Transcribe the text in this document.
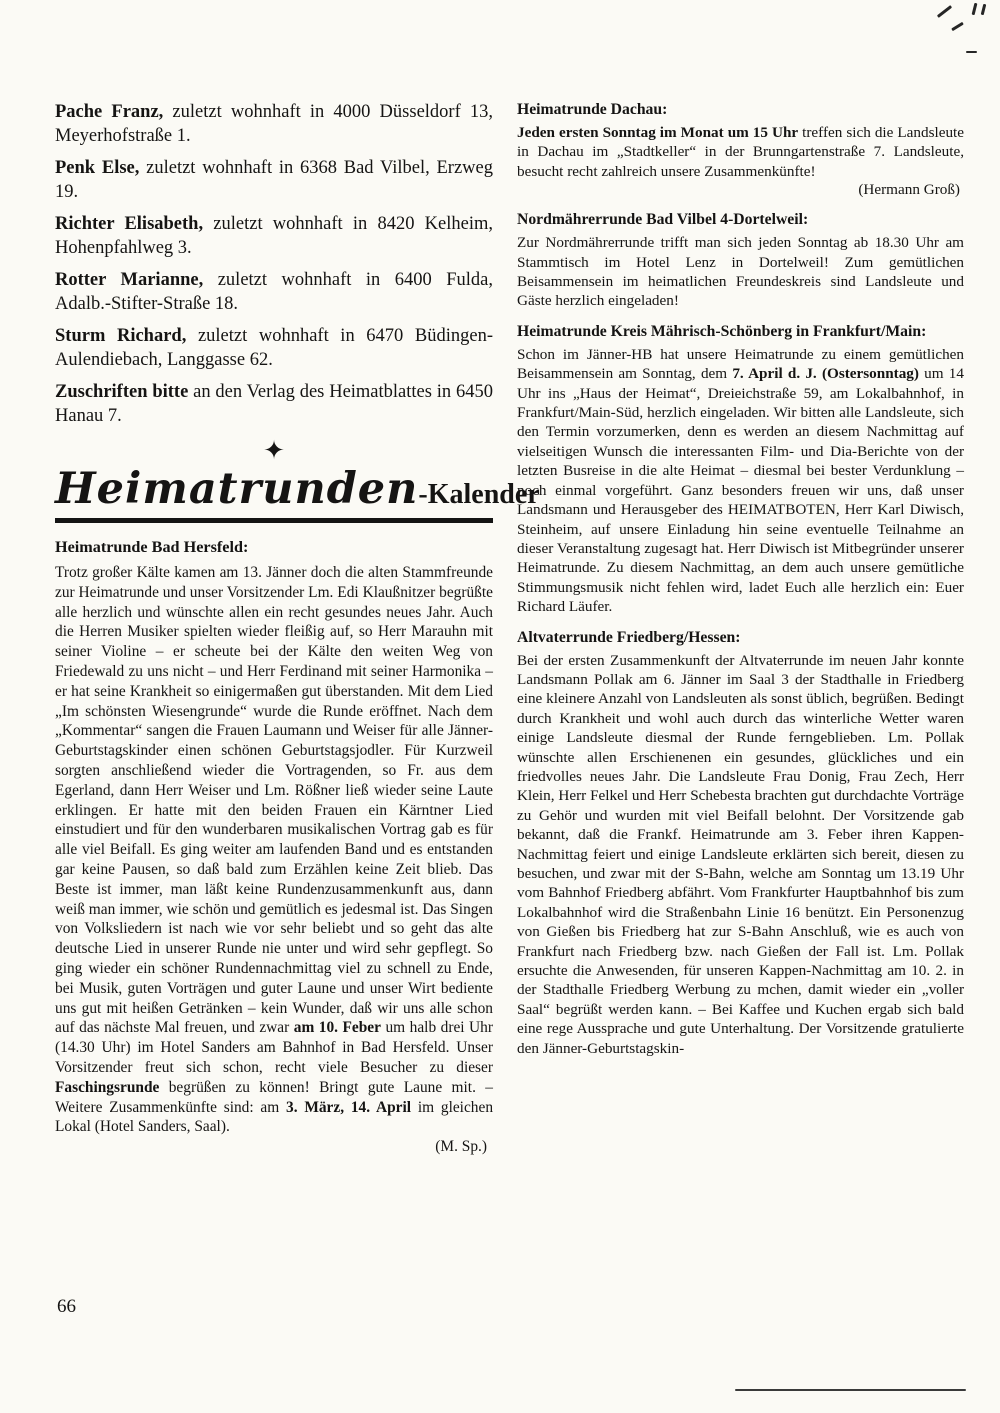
Pache Franz, zuletzt wohnhaft in 4000 Düsseldorf 13, Meyerhofstraße 1.

Penk Else, zuletzt wohnhaft in 6368 Bad Vilbel, Erzweg 19.

Richter Elisabeth, zuletzt wohnhaft in 8420 Kelheim, Hohenpfahlweg 3.

Rotter Marianne, zuletzt wohnhaft in 6400 Fulda, Adalb.-Stifter-Straße 18.

Sturm Richard, zuletzt wohnhaft in 6470 Büdingen-Aulendiebach, Langgasse 62.

Zuschriften bitte an den Verlag des Heimatblattes in 6450 Hanau 7.

✦
Heimatrunden-Kalender
Heimatrunde Bad Hersfeld:

Trotz großer Kälte kamen am 13. Jänner doch die alten Stammfreunde zur Heimatrunde und unser Vorsitzender Lm. Edi Klaußnitzer begrüßte alle herzlich und wünschte allen ein recht gesundes neues Jahr. Auch die Herren Musiker spielten wieder fleißig auf, so Herr Marauhn mit seiner Violine – er scheute bei der Kälte den weiten Weg von Friedewald zu uns nicht – und Herr Ferdinand mit seiner Harmonika – er hat seine Krankheit so einigermaßen gut überstanden. Mit dem Lied „Im schönsten Wiesengrunde“ wurde die Runde eröffnet. Nach dem „Kommentar“ sangen die Frauen Laumann und Weiser für alle Jänner-Geburtstagskinder einen schönen Geburtstagsjodler. Für Kurzweil sorgten anschließend wieder die Vortragenden, so Fr. aus dem Egerland, dann Herr Weiser und Lm. Rößner ließ wieder seine Laute erklingen. Er hatte mit den beiden Frauen ein Kärntner Lied einstudiert und für den wunderbaren musikalischen Vortrag gab es für alle viel Beifall. Es ging weiter am laufenden Band und es entstanden gar keine Pausen, so daß bald zum Erzählen keine Zeit blieb. Das Beste ist immer, man läßt keine Rundenzusammenkunft aus, dann weiß man immer, wie schön und gemütlich es jedesmal ist. Das Singen von Volksliedern ist nach wie vor sehr beliebt und so geht das alte deutsche Lied in unserer Runde nie unter und wird sehr gepflegt. So ging wieder ein schöner Rundennachmittag viel zu schnell zu Ende, bei Musik, guten Vorträgen und guter Laune und unser Wirt bediente uns gut mit heißen Getränken – kein Wunder, daß wir uns alle schon auf das nächste Mal freuen, und zwar am 10. Feber um halb drei Uhr (14.30 Uhr) im Hotel Sanders am Bahnhof in Bad Hersfeld. Unser Vorsitzender freut sich schon, recht viele Besucher zu dieser Faschingsrunde begrüßen zu können! Bringt gute Laune mit. – Weitere Zusammenkünfte sind: am 3. März, 14. April im gleichen Lokal (Hotel Sanders, Saal).

(M. Sp.)

Heimatrunde Dachau:

Jeden ersten Sonntag im Monat um 15 Uhr treffen sich die Landsleute in Dachau im „Stadtkeller“ in der Brunngartenstraße 7. Landsleute, besucht recht zahlreich unsere Zusammenkünfte!

(Hermann Groß)

Nordmährerrunde Bad Vilbel 4-Dortelweil:

Zur Nordmährerrunde trifft man sich jeden Sonntag ab 18.30 Uhr am Stammtisch im Hotel Lenz in Dortelweil! Zum gemütlichen Beisammensein im heimatlichen Freundeskreis sind Landsleute und Gäste herzlich eingeladen!

Heimatrunde Kreis Mährisch-Schönberg in Frankfurt/Main:

Schon im Jänner-HB hat unsere Heimatrunde zu einem gemütlichen Beisammensein am Sonntag, dem 7. April d. J. (Ostersonntag) um 14 Uhr ins „Haus der Heimat“, Dreieichstraße 59, am Lokalbahnhof, in Frankfurt/Main-Süd, herzlich eingeladen. Wir bitten alle Landsleute, sich den Termin vorzumerken, denn es werden an diesem Nachmittag auf vielseitigen Wunsch die interessanten Film- und Dia-Berichte von der letzten Busreise in die alte Heimat – diesmal bei bester Verdunklung – noch einmal vorgeführt. Ganz besonders freuen wir uns, daß unser Landsmann und Herausgeber des HEIMATBOTEN, Herr Karl Diwisch, Steinheim, auf unsere Einladung hin seine eventuelle Teilnahme an dieser Veranstaltung zugesagt hat. Herr Diwisch ist Mitbegründer unserer Heimatrunde. Zu diesem Nachmittag, an dem auch unsere gemütliche Stimmungsmusik nicht fehlen wird, ladet Euch alle herzlich ein: Euer Richard Läufer.

Altvaterrunde Friedberg/Hessen:

Bei der ersten Zusammenkunft der Altvaterrunde im neuen Jahr konnte Landsmann Pollak am 6. Jänner im Saal 3 der Stadthalle in Friedberg eine kleinere Anzahl von Landsleuten als sonst üblich, begrüßen. Bedingt durch Krankheit und wohl auch durch das winterliche Wetter waren einige Landsleute diesmal der Runde ferngeblieben. Lm. Pollak wünschte allen Erschienenen ein gesundes, glückliches und ein friedvolles neues Jahr. Die Landsleute Frau Donig, Frau Zech, Herr Klein, Herr Felkel und Herr Schebesta brachten gut durchdachte Vorträge zu Gehör und wurden mit viel Beifall belohnt. Der Vorsitzende gab bekannt, daß die Frankf. Heimatrunde am 3. Feber ihren Kappen-Nachmittag feiert und einige Landsleute erklärten sich bereit, diesen zu besuchen, und zwar mit der S-Bahn, welche am Sonntag um 13.19 Uhr vom Bahnhof Friedberg abfährt. Vom Frankfurter Hauptbahnhof bis zum Lokalbahnhof wird die Straßenbahn Linie 16 benützt. Ein Personenzug von Gießen bis Friedberg hat zur S-Bahn Anschluß, wie es auch von Frankfurt nach Friedberg bzw. nach Gießen der Fall ist. Lm. Pollak ersuchte die Anwesenden, für unseren Kappen-Nachmittag am 10. 2. in der Stadthalle Friedberg Werbung zu mchen, damit wieder ein „voller Saal“ begrüßt werden kann. – Bei Kaffee und Kuchen ergab sich bald eine rege Aussprache und gute Unterhaltung. Der Vorsitzende gratulierte den Jänner-Geburtstagskin-

66
